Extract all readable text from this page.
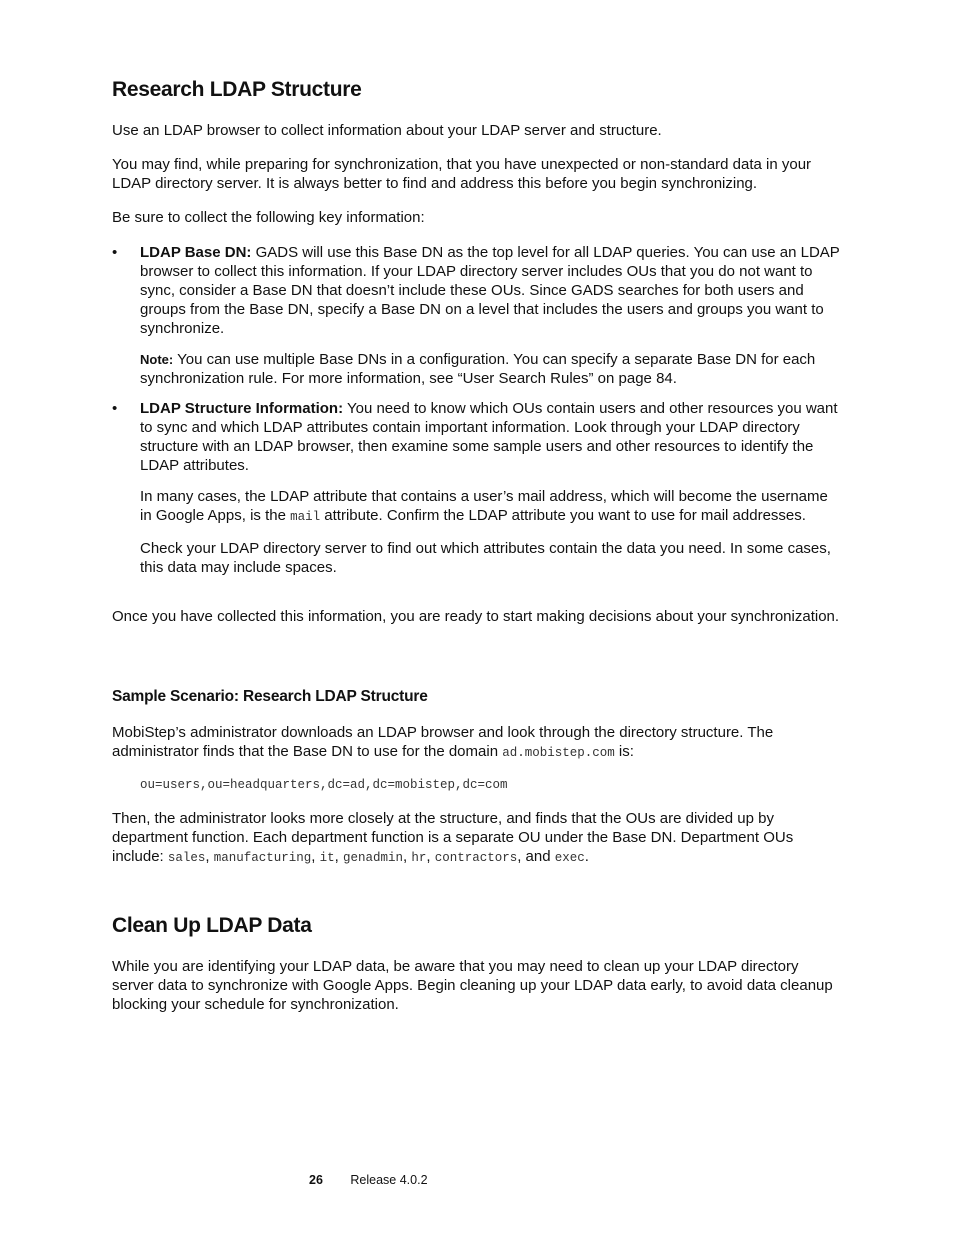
Research LDAP Structure

Use an LDAP browser to collect information about your LDAP server and structure.

You may find, while preparing for synchronization, that you have unexpected or non-standard data in your LDAP directory server. It is always better to find and address this before you begin synchronizing.

Be sure to collect the following key information:

• LDAP Base DN: GADS will use this Base DN as the top level for all LDAP queries. You can use an LDAP browser to collect this information. If your LDAP directory server includes OUs that you do not want to sync, consider a Base DN that doesn’t include these OUs. Since GADS searches for both users and groups from the Base DN, specify a Base DN on a level that includes the users and groups you want to synchronize.

Note: You can use multiple Base DNs in a configuration. You can specify a separate Base DN for each synchronization rule. For more information, see “User Search Rules” on page 84.

• LDAP Structure Information: You need to know which OUs contain users and other resources you want to sync and which LDAP attributes contain important information. Look through your LDAP directory structure with an LDAP browser, then examine some sample users and other resources to identify the LDAP attributes.

In many cases, the LDAP attribute that contains a user’s mail address, which will become the username in Google Apps, is the mail attribute. Confirm the LDAP attribute you want to use for mail addresses.

Check your LDAP directory server to find out which attributes contain the data you need. In some cases, this data may include spaces.

Once you have collected this information, you are ready to start making decisions about your synchronization.

Sample Scenario: Research LDAP Structure

MobiStep’s administrator downloads an LDAP browser and look through the directory structure. The administrator finds that the Base DN to use for the domain ad.mobistep.com is:

ou=users,ou=headquarters,dc=ad,dc=mobistep,dc=com

Then, the administrator looks more closely at the structure, and finds that the OUs are divided up by department function. Each department function is a separate OU under the Base DN. Department OUs include: sales, manufacturing, it, genadmin, hr, contractors, and exec.

Clean Up LDAP Data

While you are identifying your LDAP data, be aware that you may need to clean up your LDAP directory server data to synchronize with Google Apps. Begin cleaning up your LDAP data early, to avoid data cleanup blocking your schedule for synchronization.

26 Release 4.0.2
